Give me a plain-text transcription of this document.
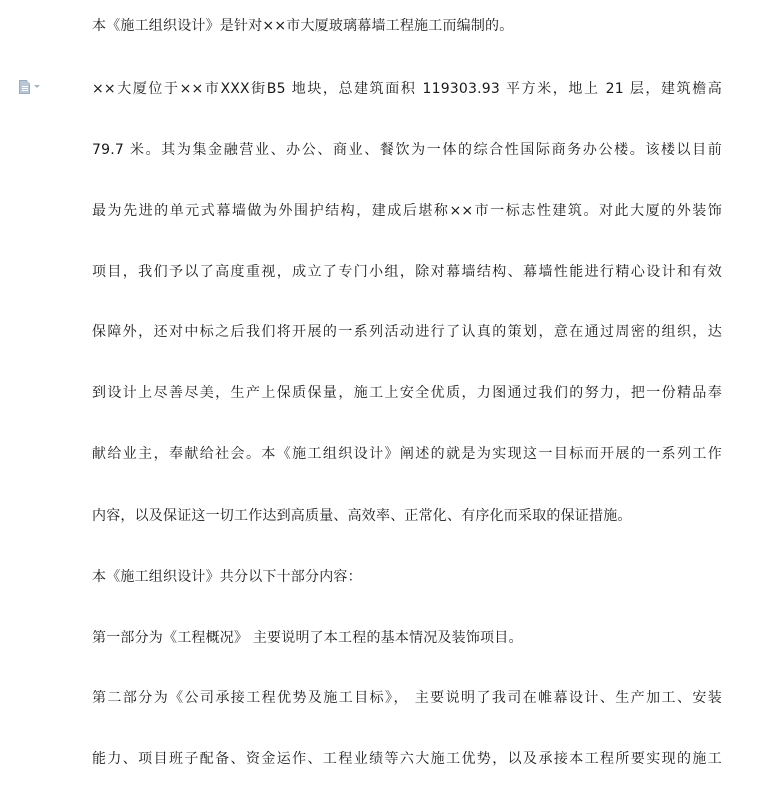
本《施工组织设计》是针对××市大厦玻璃幕墙工程施工而编制的。
××大厦位于××市XXX街B5 地块，总建筑面积 119303.93 平方米，地上 21 层，建筑檐高
79.7 米。其为集金融营业、办公、商业、餐饮为一体的综合性国际商务办公楼。该楼以目前
最为先进的单元式幕墙做为外围护结构，建成后堪称××市一标志性建筑。对此大厦的外装饰
项目，我们予以了高度重视，成立了专门小组，除对幕墙结构、幕墙性能进行精心设计和有效
保障外，还对中标之后我们将开展的一系列活动进行了认真的策划，意在通过周密的组织，达
到设计上尽善尽美，生产上保质保量，施工上安全优质，力图通过我们的努力，把一份精品奉
献给业主，奉献给社会。本《施工组织设计》阐述的就是为实现这一目标而开展的一系列工作
内容，以及保证这一切工作达到高质量、高效率、正常化、有序化而采取的保证措施。
本《施工组织设计》共分以下十部分内容：
第一部分为《工程概况》 主要说明了本工程的基本情况及装饰项目。
第二部分为《公司承接工程优势及施工目标》， 主要说明了我司在帷幕设计、生产加工、安装
能力、项目班子配备、资金运作、工程业绩等六大施工优势，以及承接本工程所要实现的施工
